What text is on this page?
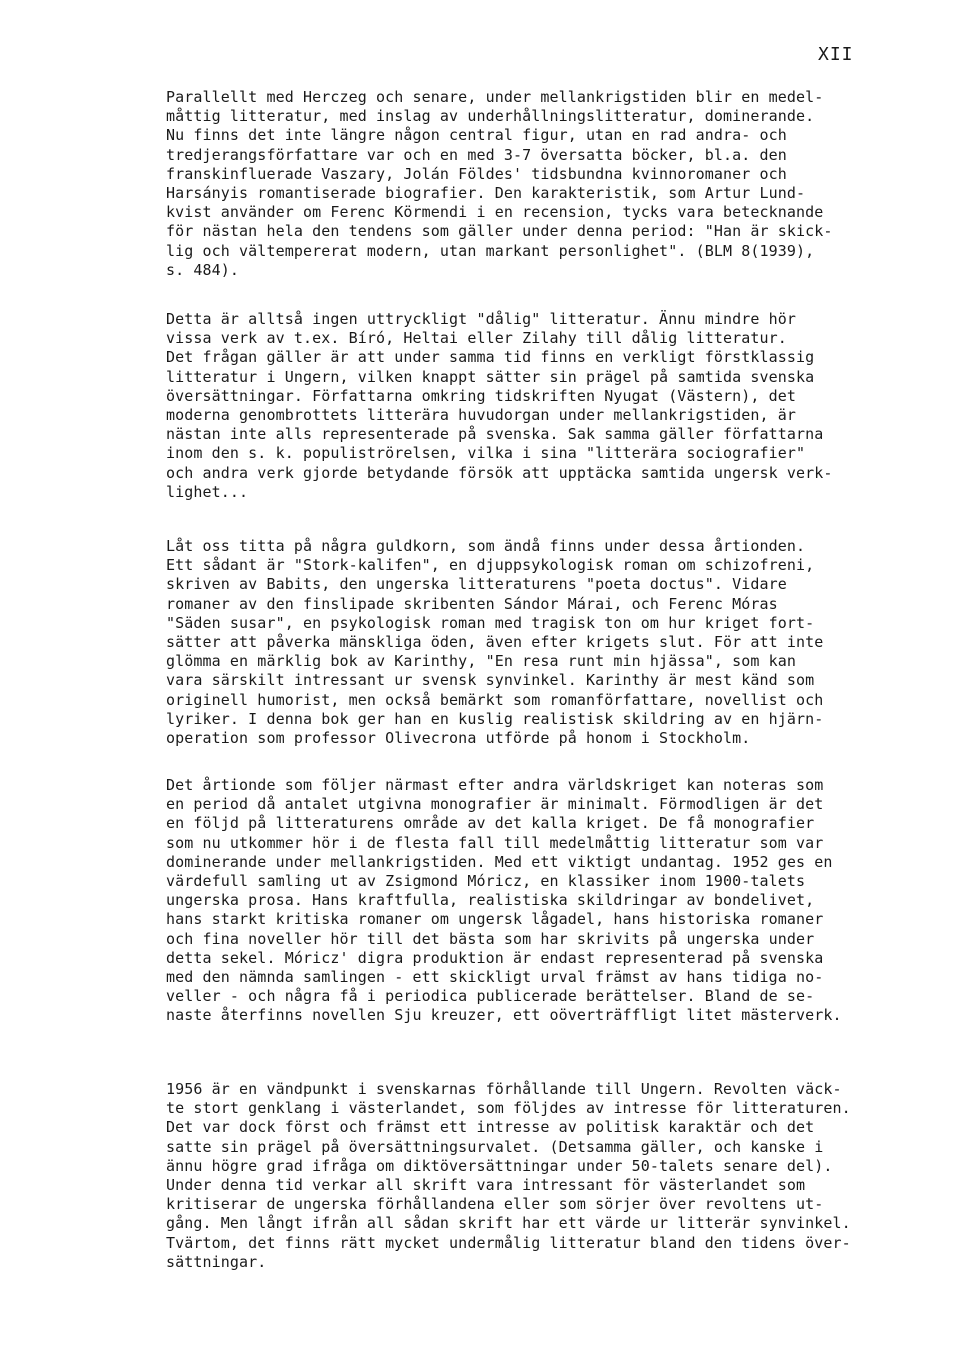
XII
Parallellt med Herczeg och senare, under mellankrigstiden blir en medel-
måttig litteratur, med inslag av underhållningslitteratur, dominerande.
Nu finns det inte längre någon central figur, utan en rad andra- och
tredjerangsförfattare var och en med 3-7 översatta böcker, bl.a. den
franskinfluerade Vaszary, Jolán Földes' tidsbundna kvinnoromaner och
Harsányis romantiserade biografier. Den karakteristik, som Artur Lund-
kvist använder om Ferenc Körmendi i en recension, tycks vara betecknande
för nästan hela den tendens som gäller under denna period: "Han är skick-
lig och vältempererat modern, utan markant personlighet". (BLM 8(1939),
s. 484).
Detta är alltså ingen uttryckligt "dålig" litteratur. Ännu mindre hör
vissa verk av t.ex. Bíró, Heltai eller Zilahy till dålig litteratur.
Det frågan gäller är att under samma tid finns en verkligt förstklassig
litteratur i Ungern, vilken knappt sätter sin prägel på samtida svenska
översättningar. Författarna omkring tidskriften Nyugat (Västern), det
moderna genombrottets litterära huvudorgan under mellankrigstiden, är
nästan inte alls representerade på svenska. Sak samma gäller författarna
inom den s. k. populiströrelsen, vilka i sina "litterära sociografier"
och andra verk gjorde betydande försök att upptäcka samtida ungersk verk-
lighet...
Låt oss titta på några guldkorn, som ändå finns under dessa årtionden.
Ett sådant är "Stork-kalifen", en djuppsykologisk roman om schizofreni,
skriven av Babits, den ungerska litteraturens "poeta doctus". Vidare
romaner av den finslipade skribenten Sándor Márai, och Ferenc Móras
"Säden susar", en psykologisk roman med tragisk ton om hur kriget fort-
sätter att påverka mänskliga öden, även efter krigets slut. För att inte
glömma en märklig bok av Karinthy, "En resa runt min hjässa", som kan
vara särskilt intressant ur svensk synvinkel. Karinthy är mest känd som
originell humorist, men också bemärkt som romanförfattare, novellist och
lyriker. I denna bok ger han en kuslig realistisk skildring av en hjärn-
operation som professor Olivecrona utförde på honom i Stockholm.
Det årtionde som följer närmast efter andra världskriget kan noteras som
en period då antalet utgivna monografier är minimalt. Förmodligen är det
en följd på litteraturens område av det kalla kriget. De få monografier
som nu utkommer hör i de flesta fall till medelmåttig litteratur som var
dominerande under mellankrigstiden. Med ett viktigt undantag. 1952 ges en
värdefull samling ut av Zsigmond Móricz, en klassiker inom 1900-talets
ungerska prosa. Hans kraftfulla, realistiska skildringar av bondelivet,
hans starkt kritiska romaner om ungersk lågadel, hans historiska romaner
och fina noveller hör till det bästa som har skrivits på ungerska under
detta sekel. Móricz' digra produktion är endast representerad på svenska
med den nämnda samlingen - ett skickligt urval främst av hans tidiga no-
veller - och några få i periodica publicerade berättelser. Bland de se-
naste återfinns novellen Sju kreuzer, ett oöverträffligt litet mästerverk.
1956 är en vändpunkt i svenskarnas förhållande till Ungern. Revolten väck-
te stort genklang i västerlandet, som följdes av intresse för litteraturen.
Det var dock först och främst ett intresse av politisk karaktär och det
satte sin prägel på översättningsurvalet. (Detsamma gäller, och kanske i
ännu högre grad ifråga om diktöversättningar under 50-talets senare del).
Under denna tid verkar all skrift vara intressant för västerlandet som
kritiserar de ungerska förhållandena eller som sörjer över revoltens ut-
gång. Men långt ifrån all sådan skrift har ett värde ur litterär synvinkel.
Tvärtom, det finns rätt mycket undermålig litteratur bland den tidens över-
sättningar.
